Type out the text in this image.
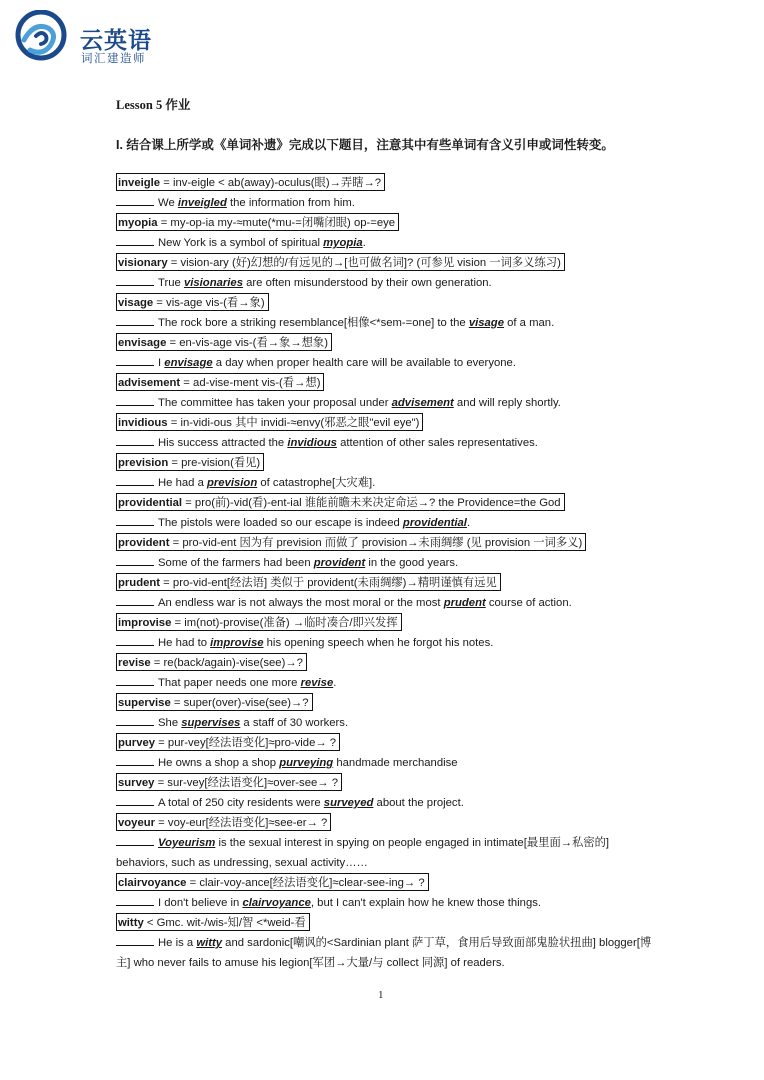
云英语
词汇建造师
Lesson 5 作业
I. 结合课上所学或《单词补遗》完成以下题目，注意其中有些单词有含义引申或词性转变。
inveigle = inv-eigle < ab(away)-oculus(眼)→弄瞎→?
We inveigled the information from him.
myopia = my-op-ia my-≈mute(*mu-=闭嘴闭眼) op-=eye
New York is a symbol of spiritual myopia.
visionary = vision-ary (好)幻想的/有远见的→[也可做名词]? (可参见 vision 一词多义练习)
True visionaries are often misunderstood by their own generation.
visage = vis-age vis-(看→象)
The rock bore a striking resemblance[相像<*sem-=one] to the visage of a man.
envisage = en-vis-age vis-(看→象→想象)
I envisage a day when proper health care will be available to everyone.
advisement = ad-vise-ment vis-(看→想)
The committee has taken your proposal under advisement and will reply shortly.
invidious = in-vidi-ous 其中 invidi-≈envy(邪恶之眼"evil eye")
His success attracted the invidious attention of other sales representatives.
prevision = pre-vision(看见)
He had a prevision of catastrophe[大灾难].
providential = pro(前)-vid(看)-ent-ial 谁能前瞻未来决定命运→? the Providence=the God
The pistols were loaded so our escape is indeed providential.
provident = pro-vid-ent 因为有 prevision 而做了 provision→未雨绸缪 (见 provision 一词多义)
Some of the farmers had been provident in the good years.
prudent = pro-vid-ent[经法语] 类似于 provident(未雨绸缪)→精明谨慎有远见
An endless war is not always the most moral or the most prudent course of action.
improvise = im(not)-provise(准备) →临时凑合/即兴发挥
He had to improvise his opening speech when he forgot his notes.
revise = re(back/again)-vise(see)→?
That paper needs one more revise.
supervise = super(over)-vise(see)→?
She supervises a staff of 30 workers.
purvey = pur-vey[经法语变化]≈pro-vide→ ?
He owns a shop a shop purveying handmade merchandise
survey = sur-vey[经法语变化]≈over-see→ ?
A total of 250 city residents were surveyed about the project.
voyeur = voy-eur[经法语变化]≈see-er→ ?
Voyeurism is the sexual interest in spying on people engaged in intimate[最里面→私密的] behaviors, such as undressing, sexual activity……
clairvoyance = clair-voy-ance[经法语变化]≈clear-see-ing→ ?
I don't believe in clairvoyance, but I can't explain how he knew those things.
witty < Gmc. wit-/wis-知/智 <*weid-看
He is a witty and sardonic[嘲讽的<Sardinian plant 萨丁草，食用后导致面部鬼脸状扭曲] blogger[博主] who never fails to amuse his legion[军团→大量/与 collect 同源] of readers.
1
